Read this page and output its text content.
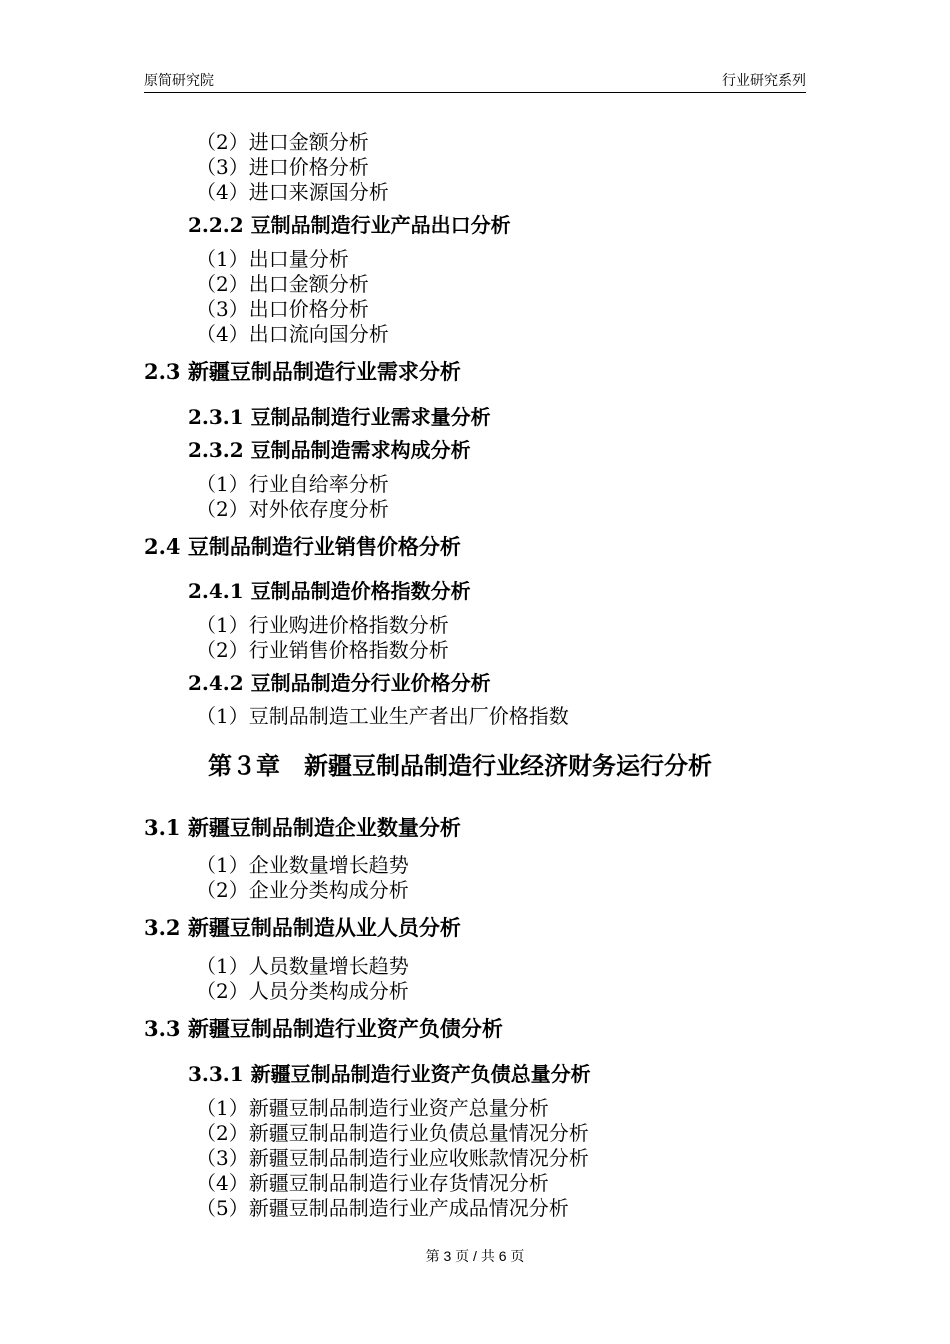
原简研究院	行业研究系列
（2）进口金额分析
（3）进口价格分析
（4）进口来源国分析
2.2.2 豆制品制造行业产品出口分析
（1）出口量分析
（2）出口金额分析
（3）出口价格分析
（4）出口流向国分析
2.3 新疆豆制品制造行业需求分析
2.3.1 豆制品制造行业需求量分析
2.3.2 豆制品制造需求构成分析
（1）行业自给率分析
（2）对外依存度分析
2.4 豆制品制造行业销售价格分析
2.4.1 豆制品制造价格指数分析
（1）行业购进价格指数分析
（2）行业销售价格指数分析
2.4.2 豆制品制造分行业价格分析
（1）豆制品制造工业生产者出厂价格指数
第３章　新疆豆制品制造行业经济财务运行分析
3.1 新疆豆制品制造企业数量分析
（1）企业数量增长趋势
（2）企业分类构成分析
3.2 新疆豆制品制造从业人员分析
（1）人员数量增长趋势
（2）人员分类构成分析
3.3 新疆豆制品制造行业资产负债分析
3.3.1 新疆豆制品制造行业资产负债总量分析
（1）新疆豆制品制造行业资产总量分析
（2）新疆豆制品制造行业负债总量情况分析
（3）新疆豆制品制造行业应收账款情况分析
（4）新疆豆制品制造行业存货情况分析
（5）新疆豆制品制造行业产成品情况分析
第 3 页 / 共 6 页
